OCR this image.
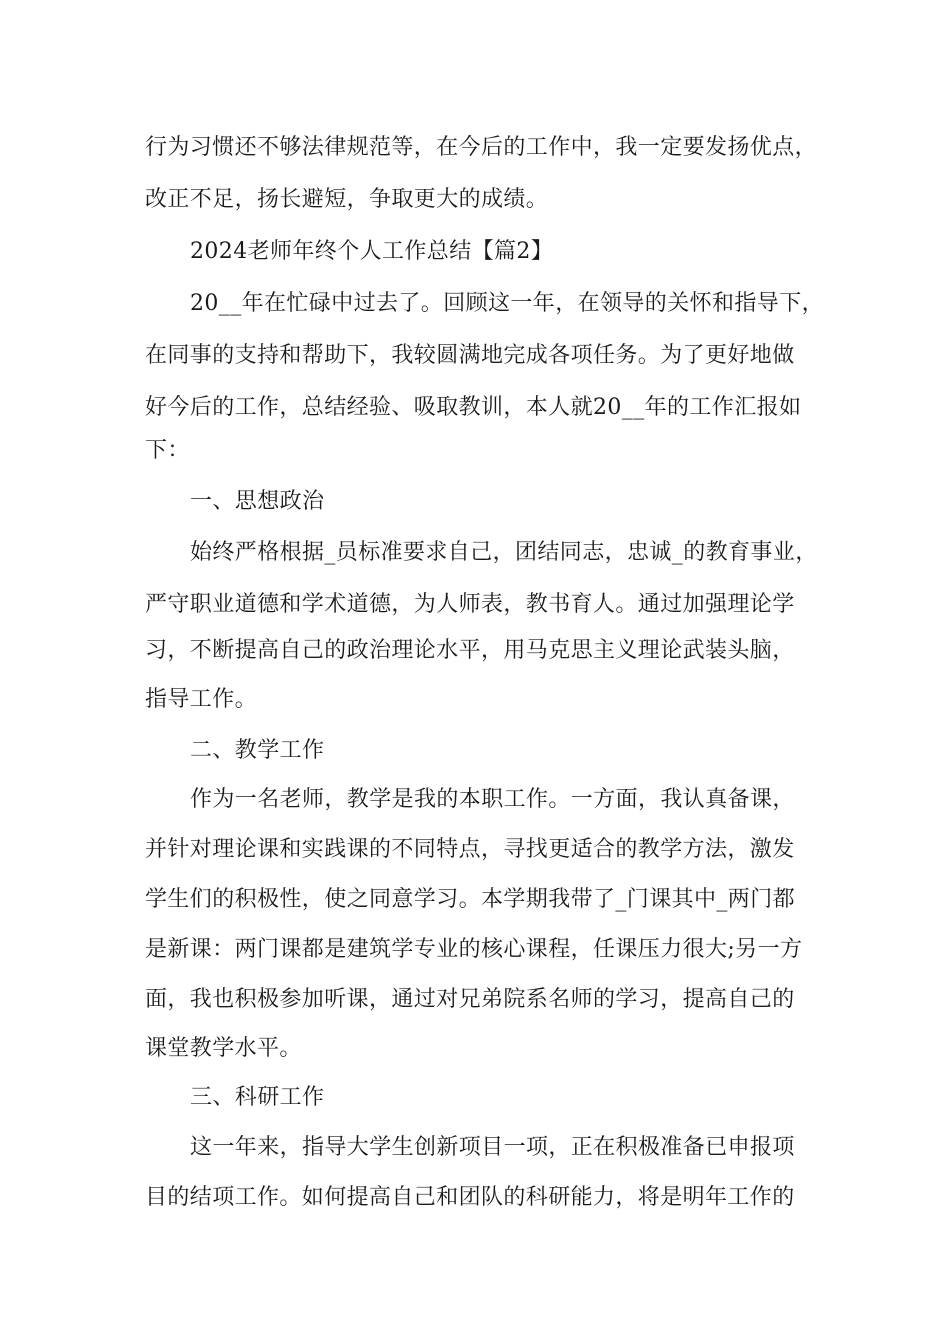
行为习惯还不够法律规范等，在今后的工作中，我一定要发扬优点，
改正不足，扬长避短，争取更大的成绩。
2024老师年终个人工作总结【篇2】
20__年在忙碌中过去了。回顾这一年，在领导的关怀和指导下，
在同事的支持和帮助下，我较圆满地完成各项任务。为了更好地做
好今后的工作，总结经验、吸取教训，本人就20__年的工作汇报如
下：
一、思想政治
始终严格根据_员标准要求自己，团结同志，忠诚_的教育事业，
严守职业道德和学术道德，为人师表，教书育人。通过加强理论学
习，不断提高自己的政治理论水平，用马克思主义理论武装头脑，
指导工作。
二、教学工作
作为一名老师，教学是我的本职工作。一方面，我认真备课，
并针对理论课和实践课的不同特点，寻找更适合的教学方法，激发
学生们的积极性，使之同意学习。本学期我带了_门课其中_两门都
是新课：两门课都是建筑学专业的核心课程，任课压力很大;另一方
面，我也积极参加听课，通过对兄弟院系名师的学习，提高自己的
课堂教学水平。
三、科研工作
这一年来，指导大学生创新项目一项，正在积极准备已申报项
目的结项工作。如何提高自己和团队的科研能力，将是明年工作的
